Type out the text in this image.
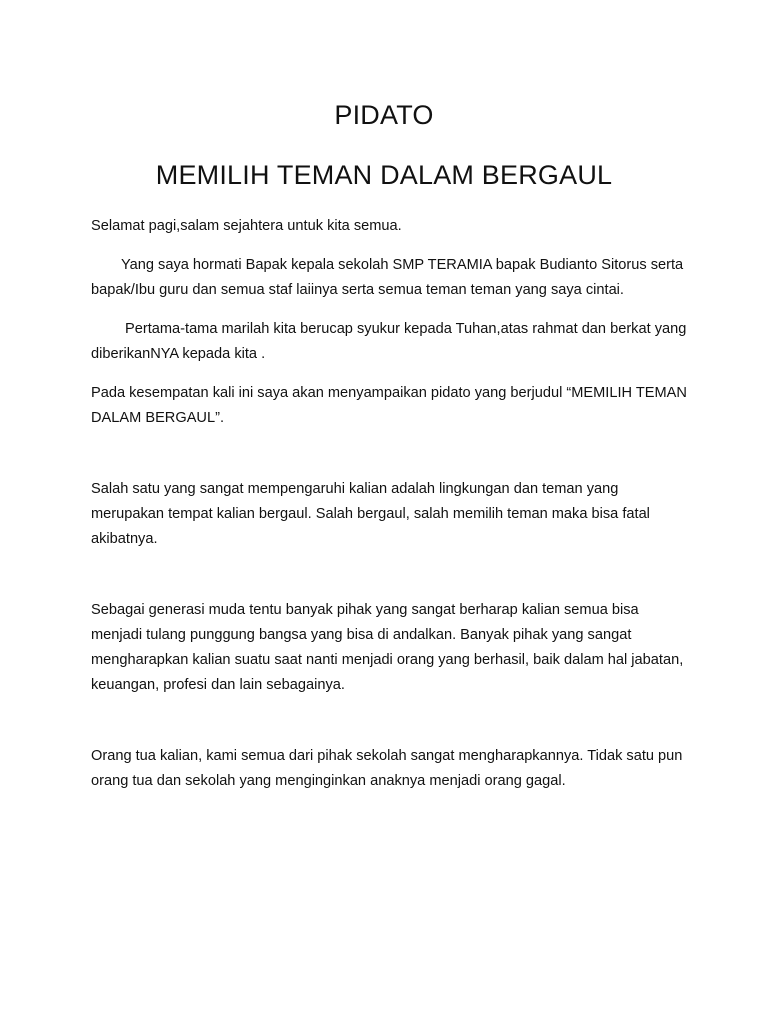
PIDATO
MEMILIH TEMAN DALAM BERGAUL

Selamat pagi,salam sejahtera untuk kita semua.

Yang saya hormati Bapak kepala sekolah SMP TERAMIA bapak Budianto Sitorus serta bapak/Ibu guru dan semua staf laiinya serta semua teman teman yang saya cintai.

Pertama-tama marilah kita berucap syukur kepada Tuhan,atas rahmat dan berkat yang diberikanNYA kepada kita .

Pada kesempatan kali ini saya akan menyampaikan pidato yang berjudul “MEMILIH TEMAN DALAM BERGAUL”.

Salah satu yang sangat mempengaruhi kalian adalah lingkungan dan teman yang merupakan tempat kalian bergaul. Salah bergaul, salah memilih teman maka bisa fatal akibatnya.

Sebagai generasi muda tentu banyak pihak yang sangat berharap kalian semua bisa menjadi tulang punggung bangsa yang bisa di andalkan. Banyak pihak yang sangat mengharapkan kalian suatu saat nanti menjadi orang yang berhasil, baik dalam hal jabatan, keuangan, profesi dan lain sebagainya.

Orang tua kalian, kami semua dari pihak sekolah sangat mengharapkannya. Tidak satu pun orang tua dan sekolah yang menginginkan anaknya menjadi orang gagal.
